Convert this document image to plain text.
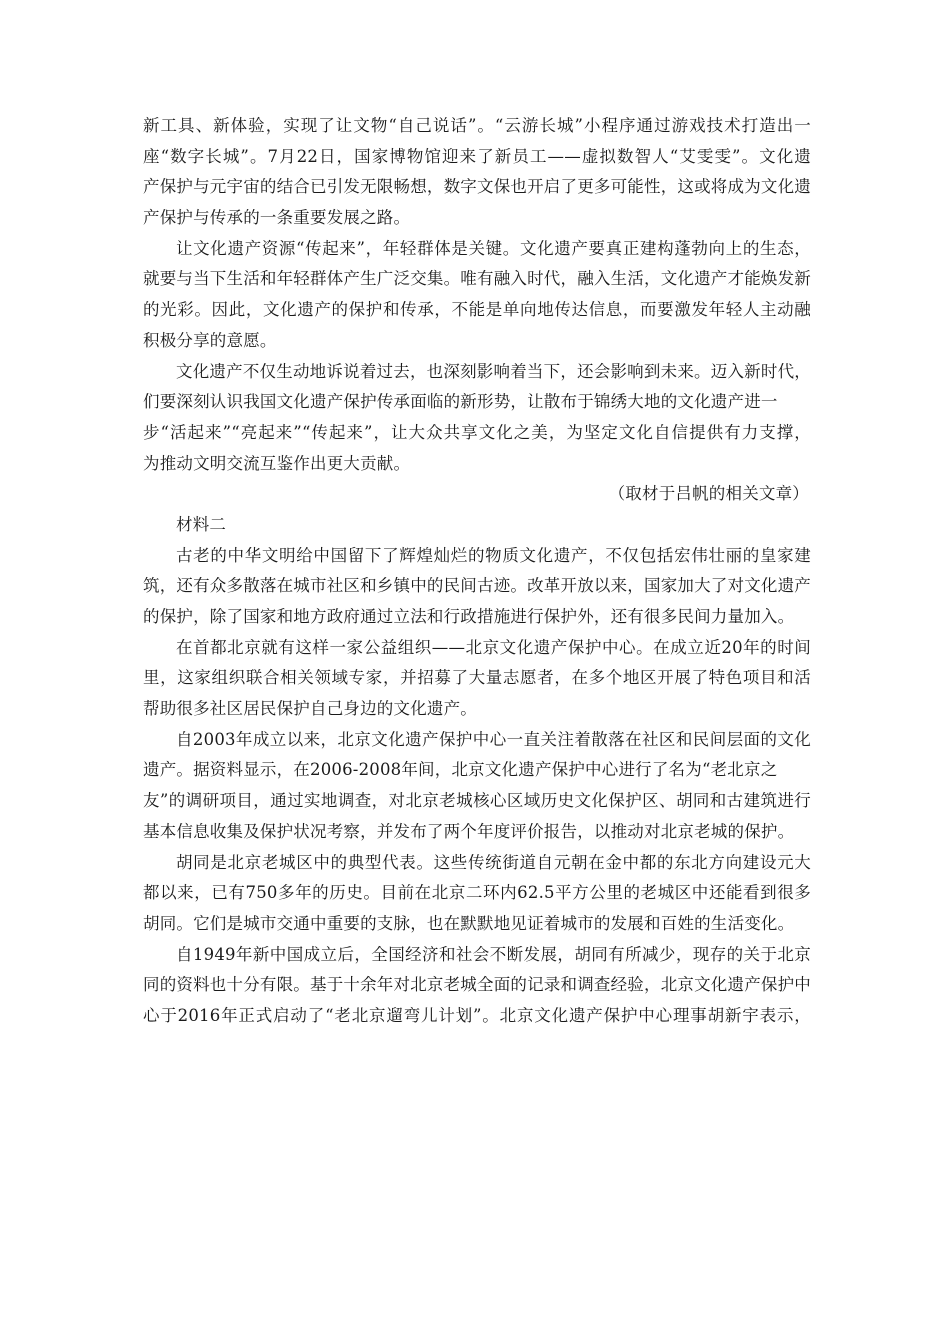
新工具、新体验，实现了让文物“自己说话”。“云游长城”小程序通过游戏技术打造出一
座“数字长城”。7月22日，国家博物馆迎来了新员工——虚拟数智人“艾雯雯”。文化遗
产保护与元宇宙的结合已引发无限畅想，数字文保也开启了更多可能性，这或将成为文化遗
产保护与传承的一条重要发展之路。
让文化遗产资源“传起来”，年轻群体是关键。文化遗产要真正建构蓬勃向上的生态，
就要与当下生活和年轻群体产生广泛交集。唯有融入时代，融入生活，文化遗产才能焕发新
的光彩。因此，文化遗产的保护和传承，不能是单向地传达信息，而要激发年轻人主动融
积极分享的意愿。
文化遗产不仅生动地诉说着过去，也深刻影响着当下，还会影响到未来。迈入新时代，
们要深刻认识我国文化遗产保护传承面临的新形势，让散布于锦绣大地的文化遗产进一
步“活起来”“亮起来”“传起来”，让大众共享文化之美，为坚定文化自信提供有力支撑，
为推动文明交流互鉴作出更大贡献。
（取材于吕帆的相关文章）
材料二
古老的中华文明给中国留下了辉煌灿烂的物质文化遗产，不仅包括宏伟壮丽的皇家建
筑，还有众多散落在城市社区和乡镇中的民间古迹。改革开放以来，国家加大了对文化遗产
的保护，除了国家和地方政府通过立法和行政措施进行保护外，还有很多民间力量加入。
在首都北京就有这样一家公益组织——北京文化遗产保护中心。在成立近20年的时间
里，这家组织联合相关领域专家，并招募了大量志愿者，在多个地区开展了特色项目和活
帮助很多社区居民保护自己身边的文化遗产。
自2003年成立以来，北京文化遗产保护中心一直关注着散落在社区和民间层面的文化
遗产。据资料显示，在2006-2008年间，北京文化遗产保护中心进行了名为“老北京之
友”的调研项目，通过实地调查，对北京老城核心区域历史文化保护区、胡同和古建筑进行
基本信息收集及保护状况考察，并发布了两个年度评价报告，以推动对北京老城的保护。
胡同是北京老城区中的典型代表。这些传统街道自元朝在金中都的东北方向建设元大
都以来，已有750多年的历史。目前在北京二环内62.5平方公里的老城区中还能看到很多
胡同。它们是城市交通中重要的支脉，也在默默地见证着城市的发展和百姓的生活变化。
自1949年新中国成立后，全国经济和社会不断发展，胡同有所减少，现存的关于北京
同的资料也十分有限。基于十余年对北京老城全面的记录和调查经验，北京文化遗产保护中
心于2016年正式启动了“老北京遛弯儿计划”。北京文化遗产保护中心理事胡新宇表示，
